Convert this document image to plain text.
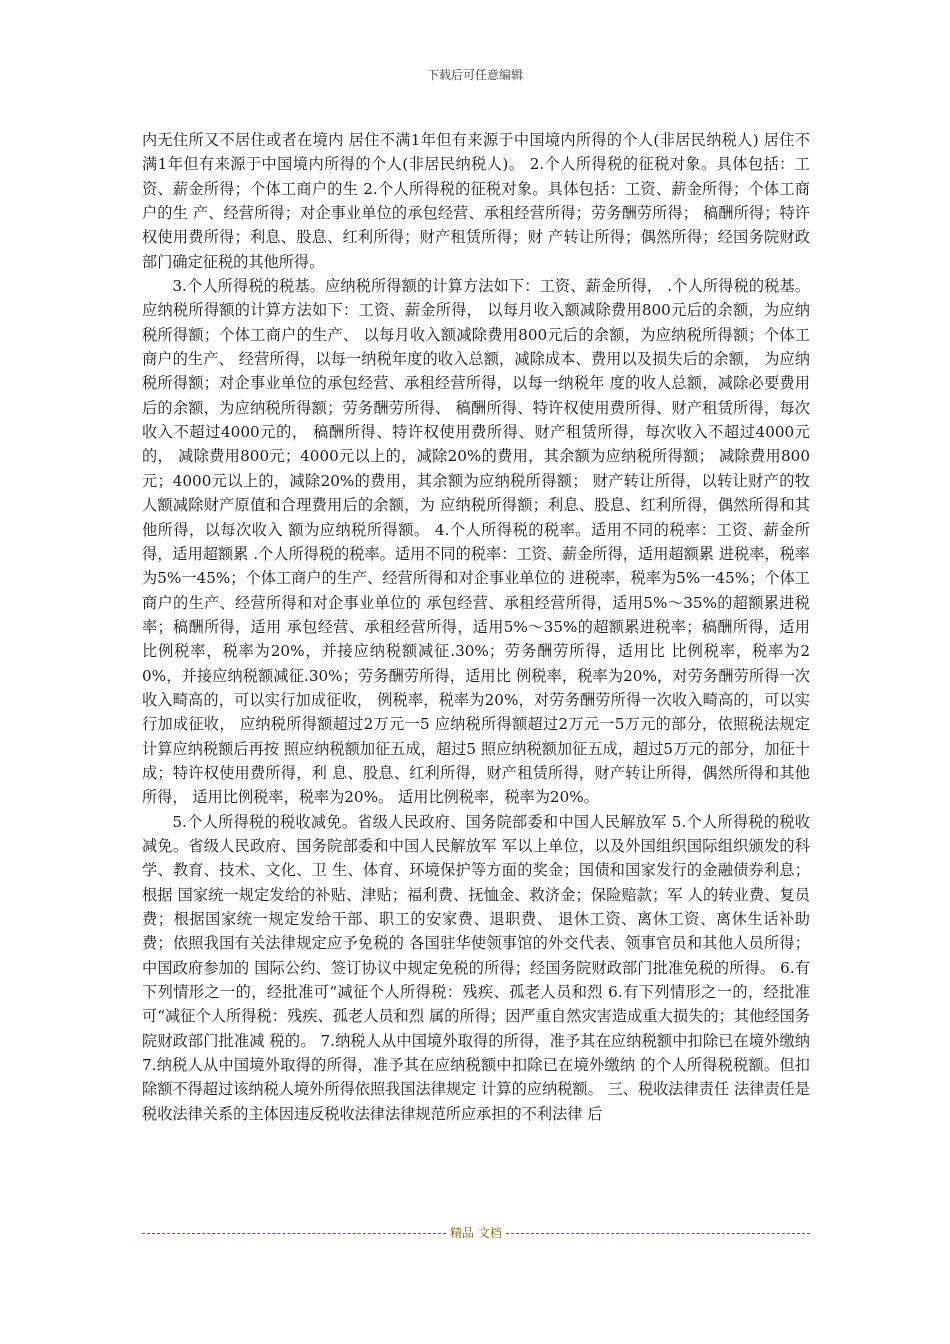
下载后可任意编辑

内无住所又不居住或者在境内 居住不满1年但有来源于中国境内所得的个人(非居民纳税人) 居住不满1年但有来源于中国境内所得的个人(非居民纳税人)。 2.个人所得税的征税对象。具体包括：工资、薪金所得；个体工商户的生 2.个人所得税的征税对象。具体包括：工资、薪金所得；个体工商户的生 产、经营所得；对企事业单位的承包经营、承租经营所得；劳务酬劳所得； 稿酬所得；特许权使用费所得；利息、股息、红利所得；财产租赁所得；财 产转让所得；偶然所得；经国务院财政部门确定征税的其他所得。

3.个人所得税的税基。应纳税所得额的计算方法如下：工资、薪金所得， .个人所得税的税基。应纳税所得额的计算方法如下：工资、薪金所得， 以每月收入额减除费用800元后的余额，为应纳税所得额；个体工商户的生产、 以每月收入额减除费用800元后的余额，为应纳税所得额；个体工商户的生产、 经营所得，以每一纳税年度的收入总额，减除成本、费用以及损失后的余额， 为应纳税所得额；对企事业单位的承包经营、承租经营所得，以每一纳税年 度的收人总额，减除必要费用后的余额，为应纳税所得额；劳务酬劳所得、 稿酬所得、特许权使用费所得、财产租赁所得，每次收入不超过4000元的， 稿酬所得、特许权使用费所得、财产租赁所得，每次收入不超过4000元的， 减除费用800元；4000元以上的，减除20%的费用，其余额为应纳税所得额； 减除费用800元；4000元以上的，减除20%的费用，其余额为应纳税所得额； 财产转让所得，以转让财产的牧人额减除财产原值和合理费用后的余额，为 应纳税所得额；利息、股息、红利所得，偶然所得和其他所得，以每次收入 额为应纳税所得额。 4.个人所得税的税率。适用不同的税率：工资、薪金所得，适用超额累 .个人所得税的税率。适用不同的税率：工资、薪金所得，适用超额累 进税率，税率为5%一45%；个体工商户的生产、经营所得和对企事业单位的 进税率，税率为5%一45%；个体工商户的生产、经营所得和对企事业单位的 承包经营、承租经营所得，适用5%～35%的超额累进税率；稿酬所得，适用 承包经营、承租经营所得，适用5%～35%的超额累进税率；稿酬所得，适用 比例税率，税率为20%，并接应纳税额减征.30%；劳务酬劳所得，适用比 比例税率，税率为20%，并接应纳税额减征.30%；劳务酬劳所得，适用比 例税率，税率为20%，对劳务酬劳所得一次收入畸高的，可以实行加成征收， 例税率，税率为20%，对劳务酬劳所得一次收入畸高的，可以实行加成征收， 应纳税所得额超过2万元一5 应纳税所得额超过2万元一5万元的部分，依照税法规定计算应纳税额后再按 照应纳税额加征五成，超过5 照应纳税额加征五成，超过5万元的部分，加征十成；特许权使用费所得，利 息、股息、红利所得，财产租赁所得，财产转让所得，偶然所得和其他所得， 适用比例税率，税率为20%。 适用比例税率，税率为20%。

5.个人所得税的税收减免。省级人民政府、国务院部委和中国人民解放军 5.个人所得税的税收减免。省级人民政府、国务院部委和中国人民解放军 军以上单位，以及外国组织国际组织颁发的科学、教育、技术、文化、卫 生、体育、环境保护等方面的奖金；国债和国家发行的金融债券利息；根据 国家统一规定发给的补贴、津贴；福利费、抚恤金、救济金；保险赔款；军 人的转业费、复员费；根据国家统一规定发给干部、职工的安家费、退职费、 退休工资、离休工资、离休生话补助费；依照我国有关法律规定应予免税的 各国驻华使领事馆的外交代表、领事官员和其他人员所得；中国政府参加的 国际公约、签订协议中规定免税的所得；经国务院财政部门批准免税的所得。 6.有下列情形之一的，经批准可“减征个人所得税：残疾、孤老人员和烈 6.有下列情形之一的，经批准可“减征个人所得税：残疾、孤老人员和烈 属的所得；因严重自然灾害造成重大损失的；其他经国务院财政部门批准减 税的。 7.纳税人从中国境外取得的所得，准予其在应纳税额中扣除已在境外缴纳 7.纳税人从中国境外取得的所得，准予其在应纳税额中扣除已在境外缴纳 的个人所得税税额。但扣除额不得超过该纳税人境外所得依照我国法律规定 计算的应纳税额。 三、税收法律责任 法律责任是税收法律关系的主体因违反税收法律法律规范所应承担的不利法律 后

精品 文档
